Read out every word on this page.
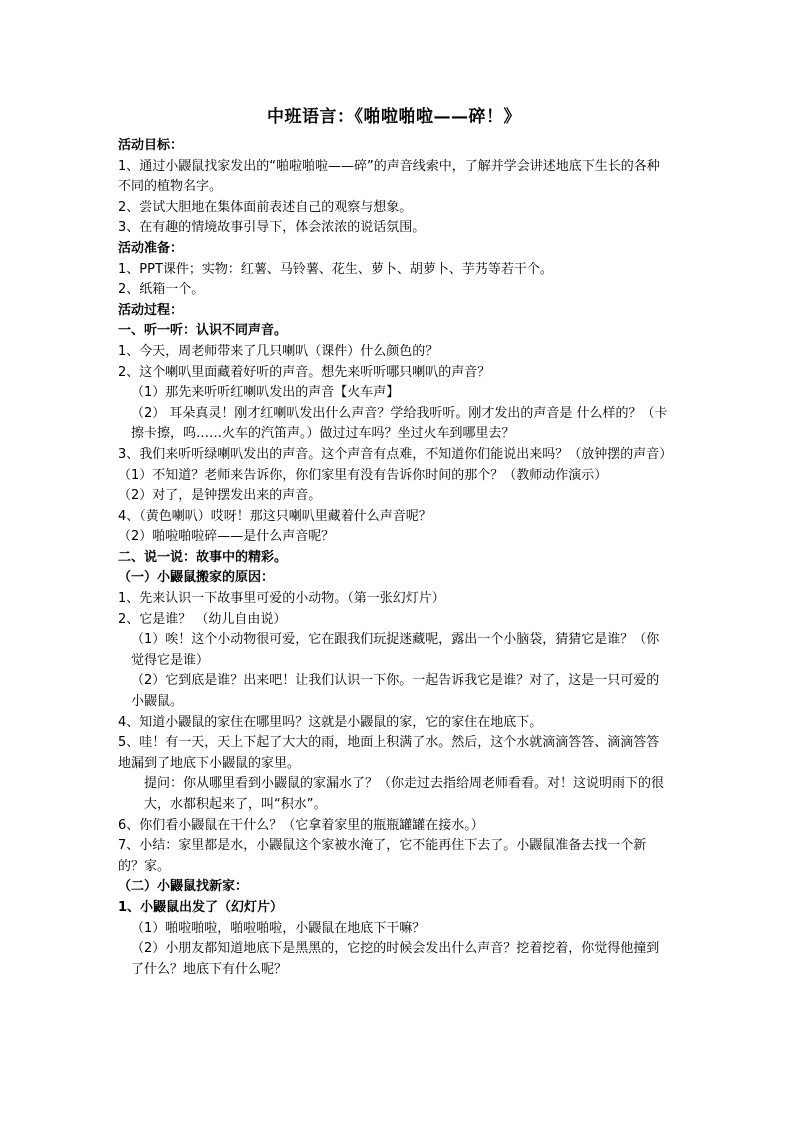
中班语言：《啪啦啪啦——碎！》

活动目标：

1、通过小鼹鼠找家发出的“啪啦啪啦——碎”的声音线索中，了解并学会讲述地底下生长的各种不同的植物名字。

2、尝试大胆地在集体面前表述自己的观察与想象。

3、在有趣的情境故事引导下，体会浓浓的说话氛围。

活动准备：

1、PPT课件；实物：红薯、马铃薯、花生、萝卜、胡萝卜、芋艿等若干个。

2、纸箱一个。

活动过程：

一、听一听：认识不同声音。

1、今天，周老师带来了几只喇叭（课件）什么颜色的？

2、这个喇叭里面藏着好听的声音。想先来听听哪只喇叭的声音？

（1）那先来听听红喇叭发出的声音【火车声】

（2） 耳朵真灵！刚才红喇叭发出什么声音？学给我听听。刚才发出的声音是 什么样的？（卡擦卡擦，呜……火车的汽笛声。）做过过车吗？坐过火车到哪里去？

3、我们来听听绿喇叭发出的声音。这个声音有点难，不知道你们能说出来吗？（放钟摆的声音）

（1）不知道？老师来告诉你，你们家里有没有告诉你时间的那个？（教师动作演示）

（2）对了，是钟摆发出来的声音。

4、（黄色喇叭）哎呀！那这只喇叭里藏着什么声音呢？

（2）啪啦啪啦碎——是什么声音呢？

二、说一说：故事中的精彩。

（一）小鼹鼠搬家的原因：

1、先来认识一下故事里可爱的小动物。（第一张幻灯片）

2、它是谁？ （幼儿自由说）

（1）唉！这个小动物很可爱，它在跟我们玩捉迷藏呢，露出一个小脑袋，猜猜它是谁？（你觉得它是谁）

（2）它到底是谁？出来吧！让我们认识一下你。一起告诉我它是谁？对了，这是一只可爱的小鼹鼠。

4、知道小鼹鼠的家住在哪里吗？这就是小鼹鼠的家，它的家住在地底下。

5、哇！有一天，天上下起了大大的雨，地面上积满了水。然后，这个水就滴滴答答、滴滴答答地漏到了地底下小鼹鼠的家里。

提问：你从哪里看到小鼹鼠的家漏水了？（你走过去指给周老师看看。对！这说明雨下的很大，水都积起来了，叫“积水”。

6、你们看小鼹鼠在干什么？（它拿着家里的瓶瓶罐罐在接水。）

7、小结：家里都是水，小鼹鼠这个家被水淹了，它不能再住下去了。小鼹鼠准备去找一个新的？家。

（二）小鼹鼠找新家：

1、小鼹鼠出发了（幻灯片）

（1）啪啦啪啦，啪啦啪啦，小鼹鼠在地底下干嘛？

（2）小朋友都知道地底下是黑黑的，它挖的时候会发出什么声音？挖着挖着，你觉得他撞到了什么？地底下有什么呢？
